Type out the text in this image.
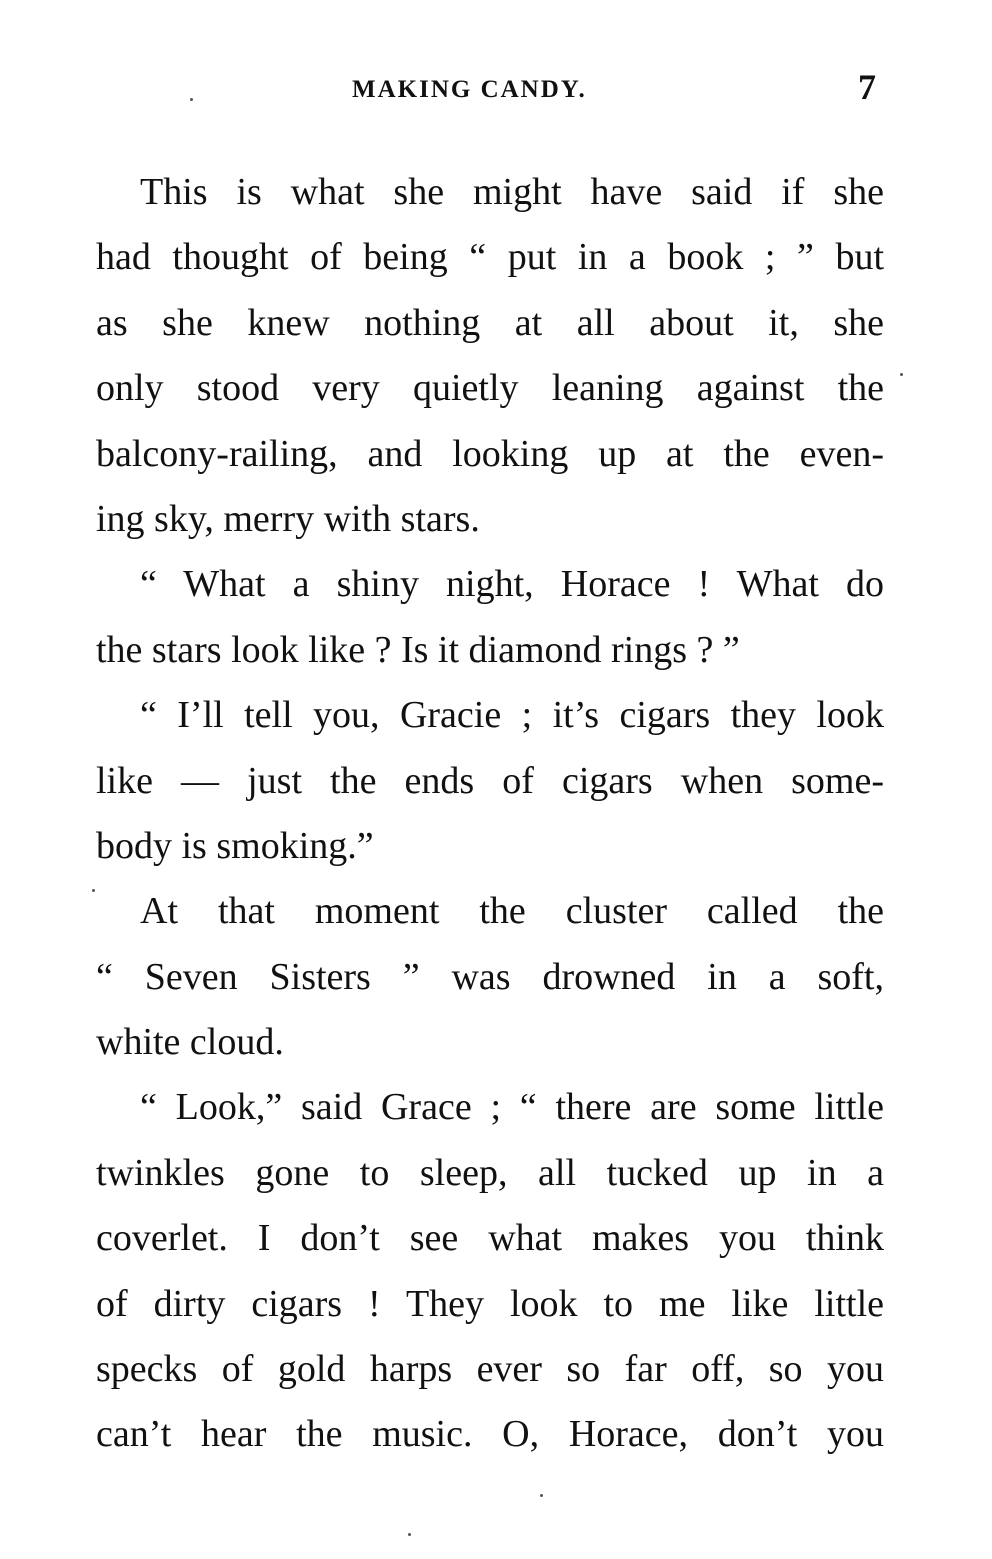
MAKING CANDY.	7
This is what she might have said if she
had thought of being “ put in a book ; ” but
as she knew nothing at all about it, she
only stood very quietly leaning against the
balcony-railing, and looking up at the even-
ing sky, merry with stars.
“ What a shiny night, Horace ! What do
the stars look like ? Is it diamond rings ? ”
“ I’ll tell you, Gracie ; it’s cigars they look
like — just the ends of cigars when some-
body is smoking.”
At that moment the cluster called the
“ Seven Sisters ” was drowned in a soft,
white cloud.
“ Look,” said Grace ; “ there are some little
twinkles gone to sleep, all tucked up in a
coverlet. I don’t see what makes you think
of dirty cigars ! They look to me like little
specks of gold harps ever so far off, so you
can’t hear the music. O, Horace, don’t you
